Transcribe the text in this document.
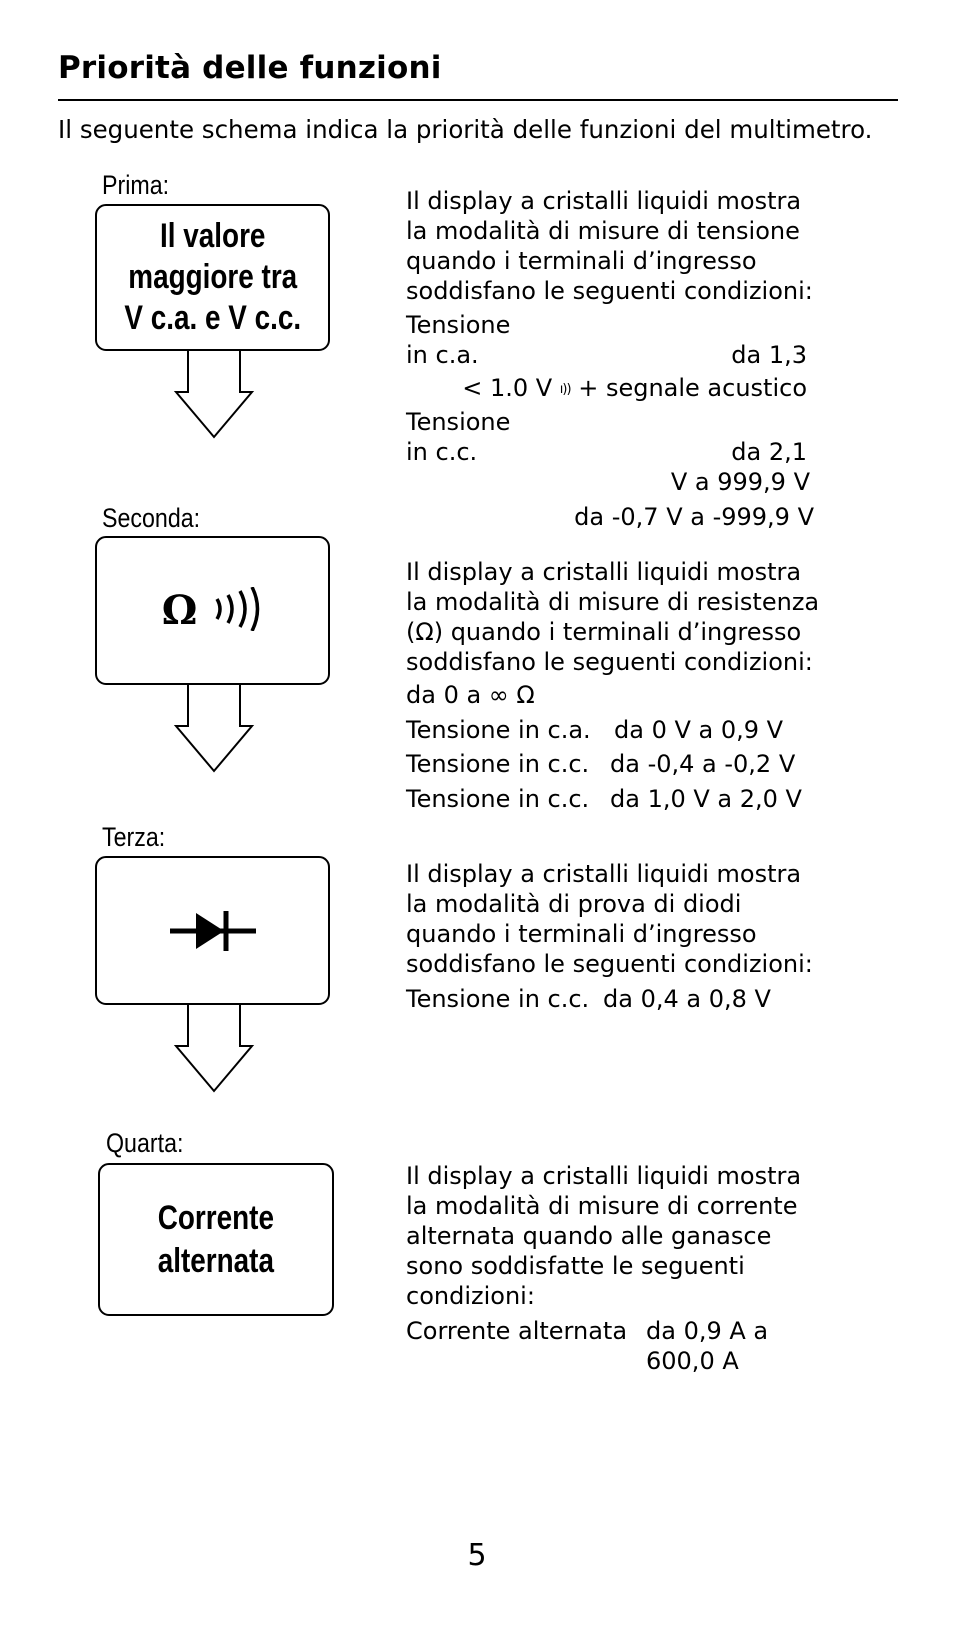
Priorità delle funzioni
Il seguente schema indica la priorità delle funzioni del multimetro.
Prima:
Il valore
maggiore tra
V c.a. e V c.c.
Il display a cristalli liquidi mostra
la modalità di misure di tensione
quando i terminali d’ingresso
soddisfano le seguenti condizioni:
Tensione
in c.a.	da 1,3
< 1.0 V ı)) + segnale acustico
Tensione
in c.c.	da 2,1
V a 999,9 V
da -0,7 V a -999,9 V
Seconda:
Ω
Il display a cristalli liquidi mostra
la modalità di misure di resistenza
(Ω) quando i terminali d’ingresso
soddisfano le seguenti condizioni:
da 0 a ∞ Ω
Tensione in c.a. da 0 V a 0,9 V
Tensione in c.c. da -0,4 a -0,2 V
Tensione in c.c. da 1,0 V a 2,0 V
Terza:
Il display a cristalli liquidi mostra
la modalità di prova di diodi
quando i terminali d’ingresso
soddisfano le seguenti condizioni:
Tensione in c.c. da 0,4 a 0,8 V
Quarta:
Corrente
alternata
Il display a cristalli liquidi mostra
la modalità di misure di corrente
alternata quando alle ganasce
sono soddisfatte le seguenti
condizioni:
Corrente alternata da 0,9 A a
600,0 A
5
